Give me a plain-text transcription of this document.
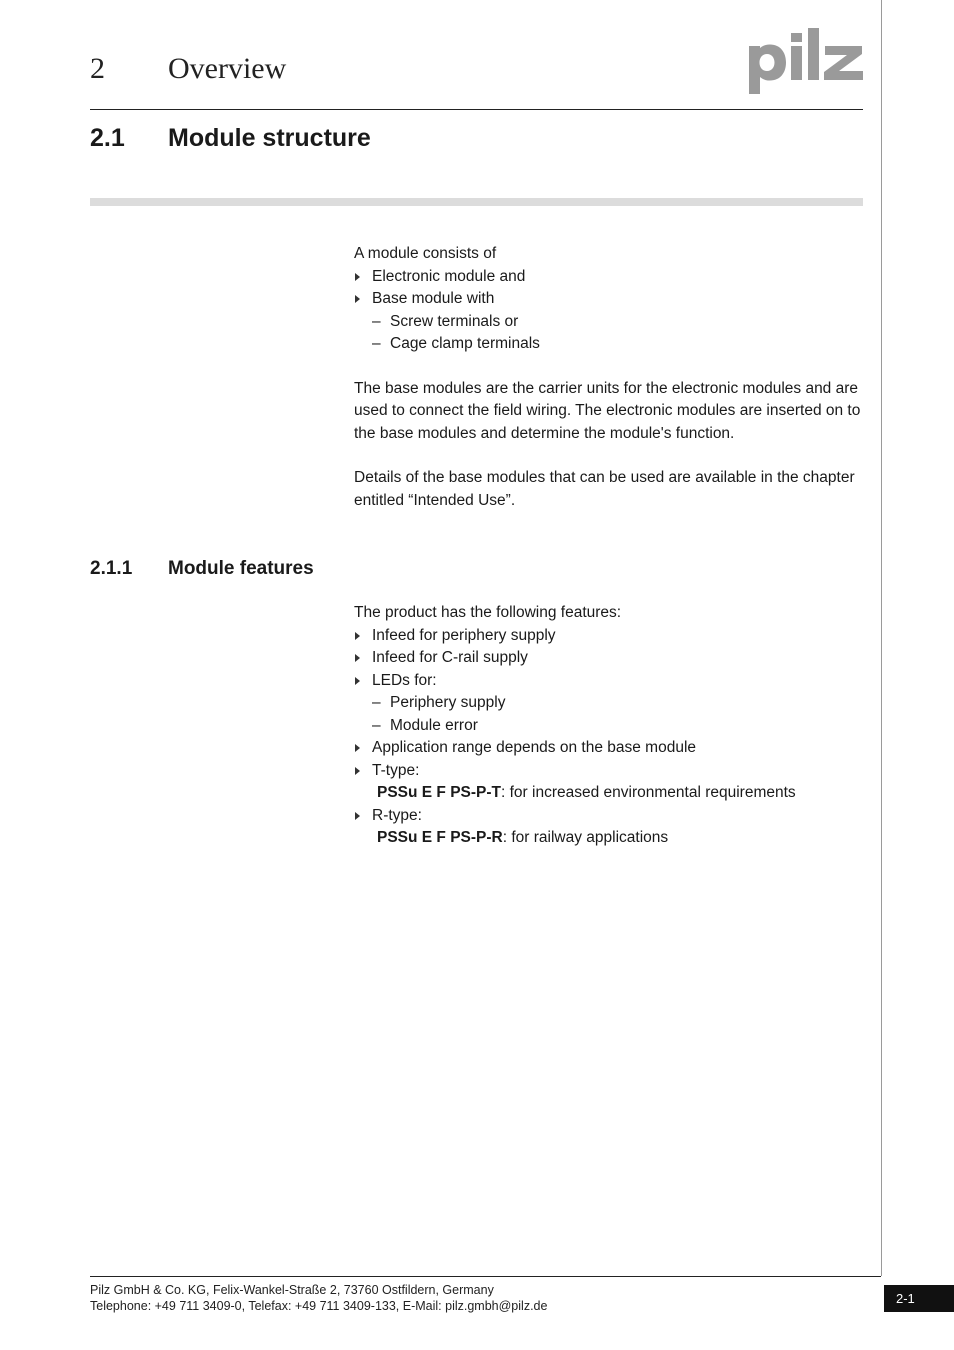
2 Overview
2.1 Module structure

A module consists of

Electronic module and
Base module with
– Screw terminals or
– Cage clamp terminals

The base modules are the carrier units for the electronic modules and are used to connect the field wiring. The electronic modules are inserted on to the base modules and determine the module's function.

Details of the base modules that can be used are available in the chapter entitled “Intended Use”.

2.1.1 Module features

The product has the following features:

Infeed for periphery supply
Infeed for C-rail supply
LEDs for:
– Periphery supply
– Module error
Application range depends on the base module
T-type:
PSSu E F PS-P-T: for increased environmental requirements
R-type:
PSSu E F PS-P-R: for railway applications
Pilz GmbH & Co. KG, Felix-Wankel-Straße 2, 73760 Ostfildern, Germany
Telephone: +49 711 3409-0, Telefax: +49 711 3409-133, E-Mail: pilz.gmbh@pilz.de	2-1
